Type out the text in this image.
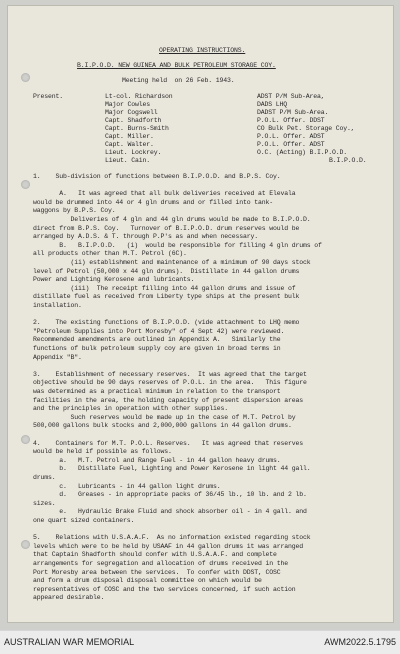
OPERATING INSTRUCTIONS.
B.I.P.O.D. NEW GUINEA AND BULK PETROLEUM STORAGE COY.
Meeting held  on 26 Feb. 1943.
Present.	Lt-col. Richardson
Major Cowles
Major Cogswell
Capt. Shadforth
Capt. Burns-Smith
Capt. Miller.
Capt. Walter.
Lieut. Lockrey.
Lieut. Cain.
ADST P/M Sub-Area,
DADS LHQ
DADST P/M Sub-Area.
P.O.L. Offer. DDST
CO Bulk Pet. Storage Coy.,
P.O.L. Offer. ADST
P.O.L. Offer. ADST
O.C. (Acting) B.I.P.O.D.
B.I.P.O.D.
1.    Sub-division of functions between B.I.P.O.D. and B.P.S. Coy.
A.   It was agreed that all bulk deliveries received at Elevala
would be drummed into 44 or 4 gln drums and or filled into tank-
waggons by B.P.S. Coy.
Deliveries of 4 gln and 44 gln drums would be made to B.I.P.O.D.
direct from B.P.S. Coy.   Turnover of B.I.P.O.D. drum reserves would be
arranged by A.D.S. & T. through P.P's as and when necessary.
B.   B.I.P.O.D.   (i)  would be responsible for filling 4 gln drums of
all products other than M.T. Petrol (6C).
(ii) establishment and maintenance of a minimum of 90 days stock
level of Petrol (50,000 x 44 gln drums).  Distillate in 44 gallon drums
Power and Lighting Kerosene and lubricants.
(iii)  The receipt filling into 44 gallon drums and issue of
distillate fuel as received from Liberty type ships at the present bulk
installation.
2.    The existing functions of B.I.P.O.D. (vide attachment to LHQ memo
"Petroleum Supplies into Port Moresby" of 4 Sept 42) were reviewed.
Recommended amendments are outlined in Appendix A.   Similarly the
functions of bulk petroleum supply coy are given in broad terms in
Appendix "B".
3.    Establishment of necessary reserves.  It was agreed that the target
objective should be 90 days reserves of P.O.L. in the area.   This figure
was determined as a practical minimum in relation to the transport
facilities in the area, the holding capacity of present dispersion areas
and the principles in operation with other supplies.
Such reserves would be made up in the case of M.T. Petrol by
500,000 gallons bulk stocks and 2,000,000 gallons in 44 gallon drums.
4.    Containers for M.T. P.O.L. Reserves.   It was agreed that reserves
would be held if possible as follows.
a.   M.T. Petrol and Range Fuel - in 44 gallon heavy drums.
b.   Distillate Fuel, Lighting and Power Kerosene in light 44 gall.
drums.
c.   Lubricants - in 44 gallon light drums.
d.   Greases - in appropriate packs of 36/45 lb., 10 lb. and 2 lb.
sizes.
e.   Hydraulic Brake Fluid and shock absorber oil - in 4 gall. and
one quart sized containers.
5.    Relations with U.S.A.A.F.  As no information existed regarding stock
levels which were to be held by USAAF in 44 gallon drums it was arranged
that Captain Shadforth should confer with U.S.A.A.F. and complete
arrangements for segregation and allocation of drums received in the
Port Moresby area between the services.  To confer with DDST, COSC
and form a drum disposal disposal committee on which would be
representatives of COSC and the two services concerned, if such action
appeared desirable.
AUSTRALIAN WAR MEMORIAL	AWM2022.5.1795
